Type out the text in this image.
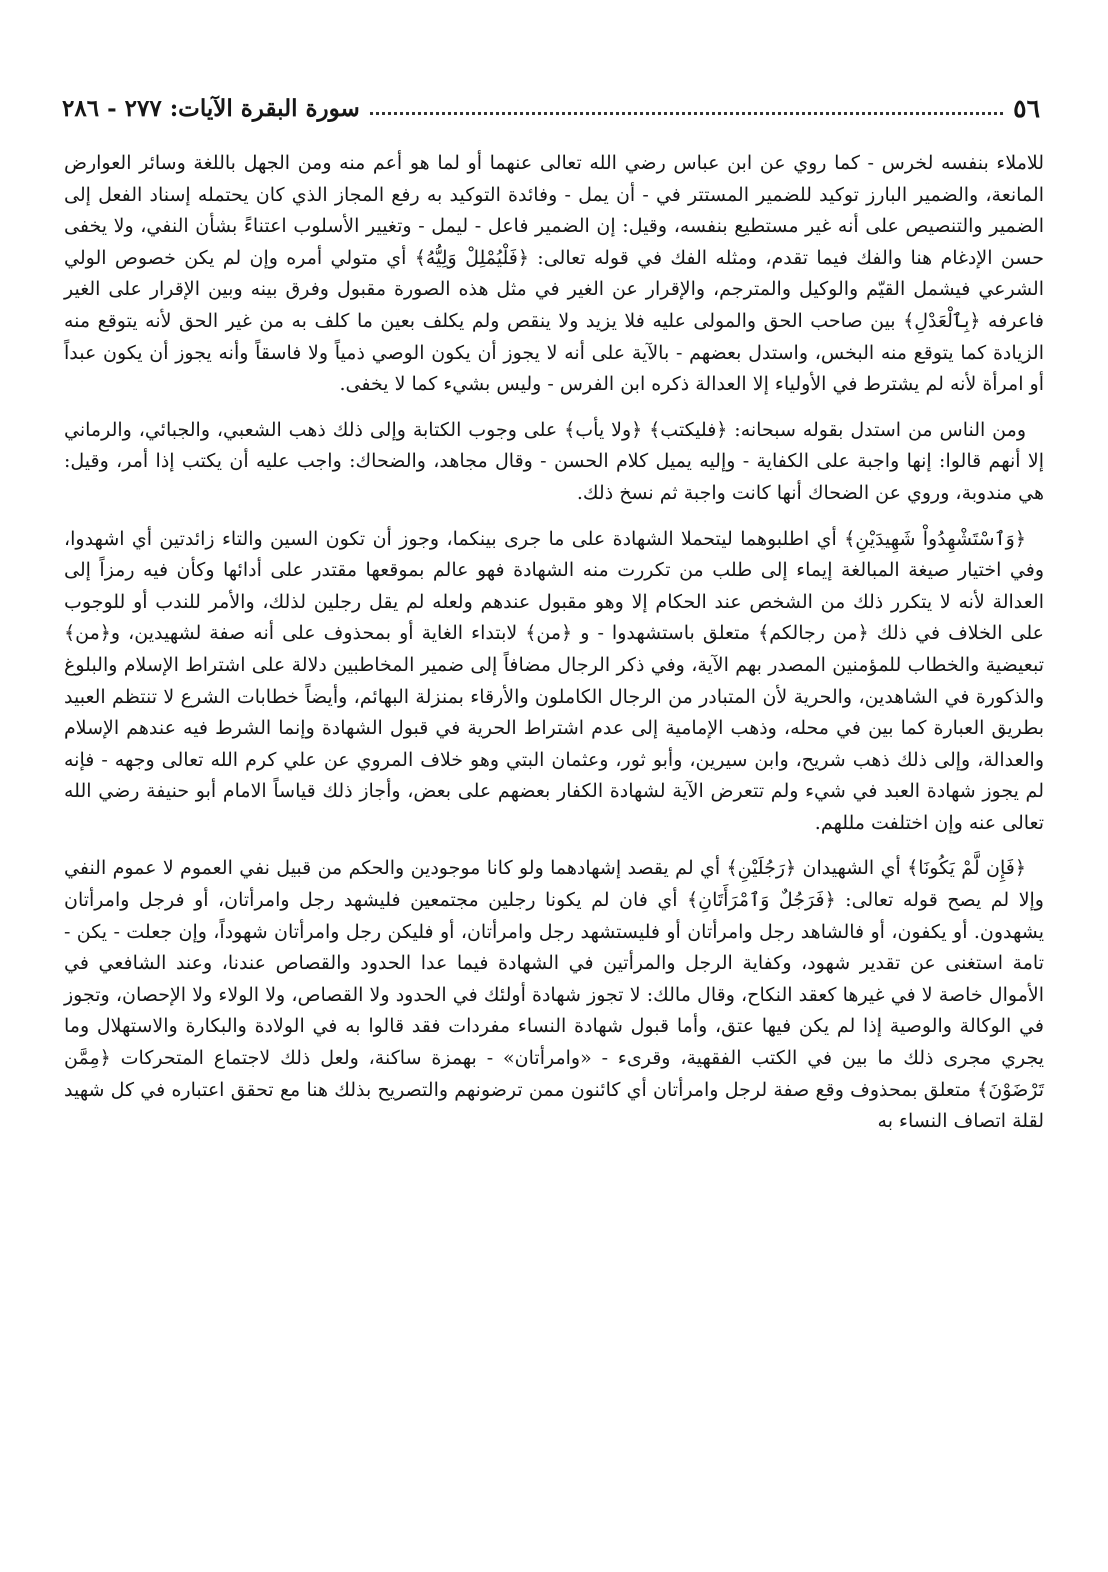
٥٦
سورة البقرة الآيات: ٢٧٧ - ٢٨٦

للاملاء بنفسه لخرس - كما روي عن ابن عباس رضي الله تعالى عنهما أو لما هو أعم منه ومن الجهل باللغة وسائر العوارض المانعة، والضمير البارز توكيد للضمير المستتر في - أن يمل - وفائدة التوكيد به رفع المجاز الذي كان يحتمله إسناد الفعل إلى الضمير والتنصيص على أنه غير مستطيع بنفسه، وقيل: إن الضمير فاعل - ليمل - وتغيير الأسلوب اعتناءً بشأن النفي، ولا يخفى حسن الإدغام هنا والفك فيما تقدم، ومثله الفك في قوله تعالى: ﴿فَلْيُمْلِلْ وَلِيُّهُ﴾ أي متولي أمره وإن لم يكن خصوص الولي الشرعي فيشمل القيّم والوكيل والمترجم، والإقرار عن الغير في مثل هذه الصورة مقبول وفرق بينه وبين الإقرار على الغير فاعرفه ﴿بِٱلْعَدْلِ﴾ بين صاحب الحق والمولى عليه فلا يزيد ولا ينقص ولم يكلف بعين ما كلف به من غير الحق لأنه يتوقع منه الزيادة كما يتوقع منه البخس، واستدل بعضهم - بالآية على أنه لا يجوز أن يكون الوصي ذمياً ولا فاسقاً وأنه يجوز أن يكون عبداً أو امرأة لأنه لم يشترط في الأولياء إلا العدالة ذكره ابن الفرس - وليس بشيء كما لا يخفى.

ومن الناس من استدل بقوله سبحانه: ﴿فليكتب﴾ ﴿ولا يأب﴾ على وجوب الكتابة وإلى ذلك ذهب الشعبي، والجبائي، والرماني إلا أنهم قالوا: إنها واجبة على الكفاية - وإليه يميل كلام الحسن - وقال مجاهد، والضحاك: واجب عليه أن يكتب إذا أمر، وقيل: هي مندوبة، وروي عن الضحاك أنها كانت واجبة ثم نسخ ذلك.

﴿وَٱسْتَشْهِدُواْ شَهِيدَيْنِ﴾ أي اطلبوهما ليتحملا الشهادة على ما جرى بينكما، وجوز أن تكون السين والتاء زائدتين أي اشهدوا، وفي اختيار صيغة المبالغة إيماء إلى طلب من تكررت منه الشهادة فهو عالم بموقعها مقتدر على أدائها وكأن فيه رمزاً إلى العدالة لأنه لا يتكرر ذلك من الشخص عند الحكام إلا وهو مقبول عندهم ولعله لم يقل رجلين لذلك، والأمر للندب أو للوجوب على الخلاف في ذلك ﴿من رجالكم﴾ متعلق باستشهدوا - و ﴿من﴾ لابتداء الغاية أو بمحذوف على أنه صفة لشهيدين، و﴿من﴾ تبعيضية والخطاب للمؤمنين المصدر بهم الآية، وفي ذكر الرجال مضافاً إلى ضمير المخاطبين دلالة على اشتراط الإسلام والبلوغ والذكورة في الشاهدين، والحرية لأن المتبادر من الرجال الكاملون والأرقاء بمنزلة البهائم، وأيضاً خطابات الشرع لا تنتظم العبيد بطريق العبارة كما بين في محله، وذهب الإمامية إلى عدم اشتراط الحرية في قبول الشهادة وإنما الشرط فيه عندهم الإسلام والعدالة، وإلى ذلك ذهب شريح، وابن سيرين، وأبو ثور، وعثمان البتي وهو خلاف المروي عن علي كرم الله تعالى وجهه - فإنه لم يجوز شهادة العبد في شيء ولم تتعرض الآية لشهادة الكفار بعضهم على بعض، وأجاز ذلك قياساً الامام أبو حنيفة رضي الله تعالى عنه وإن اختلفت مللهم.

﴿فَإِن لَّمْ يَكُونَا﴾ أي الشهيدان ﴿رَجُلَيْنِ﴾ أي لم يقصد إشهادهما ولو كانا موجودين والحكم من قبيل نفي العموم لا عموم النفي وإلا لم يصح قوله تعالى: ﴿فَرَجُلٌ وَٱمْرَأَتَانِ﴾ أي فان لم يكونا رجلين مجتمعين فليشهد رجل وامرأتان، أو فرجل وامرأتان يشهدون. أو يكفون، أو فالشاهد رجل وامرأتان أو فليستشهد رجل وامرأتان، أو فليكن رجل وامرأتان شهوداً، وإن جعلت - يكن - تامة استغنى عن تقدير شهود، وكفاية الرجل والمرأتين في الشهادة فيما عدا الحدود والقصاص عندنا، وعند الشافعي في الأموال خاصة لا في غيرها كعقد النكاح، وقال مالك: لا تجوز شهادة أولئك في الحدود ولا القصاص، ولا الولاء ولا الإحصان، وتجوز في الوكالة والوصية إذا لم يكن فيها عتق، وأما قبول شهادة النساء مفردات فقد قالوا به في الولادة والبكارة والاستهلال وما يجري مجرى ذلك ما بين في الكتب الفقهية، وقرىء - «وامرأتان» - بهمزة ساكنة، ولعل ذلك لاجتماع المتحركات ﴿مِمَّن تَرْضَوْنَ﴾ متعلق بمحذوف وقع صفة لرجل وامرأتان أي كائنون ممن ترضونهم والتصريح بذلك هنا مع تحقق اعتباره في كل شهيد لقلة اتصاف النساء به
